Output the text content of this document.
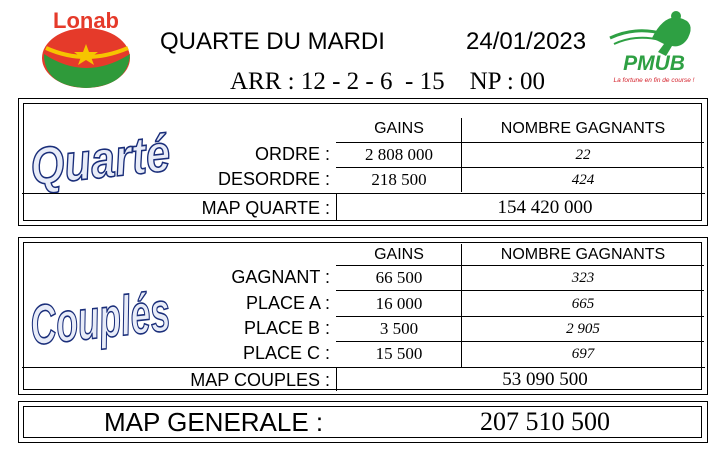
Lonab
QUARTE DU MARDI	24/01/2023
ARR : 12 - 2 - 6  - 15    NP : 00
PMUB
La fortune en fin de course !
Quarté	GAINS	NOMBRE GAGNANTS
ORDRE :	2 808 000	22
DESORDRE :	218 500	424
MAP QUARTE :	154 420 000
Couplés
GAINS	NOMBRE GAGNANTS
GAGNANT :	66 500	323
PLACE A :	16 000	665
PLACE B :	3 500	2 905
PLACE C :	15 500	697
MAP COUPLES :	53 090 500
MAP GENERALE :	207 510 500
